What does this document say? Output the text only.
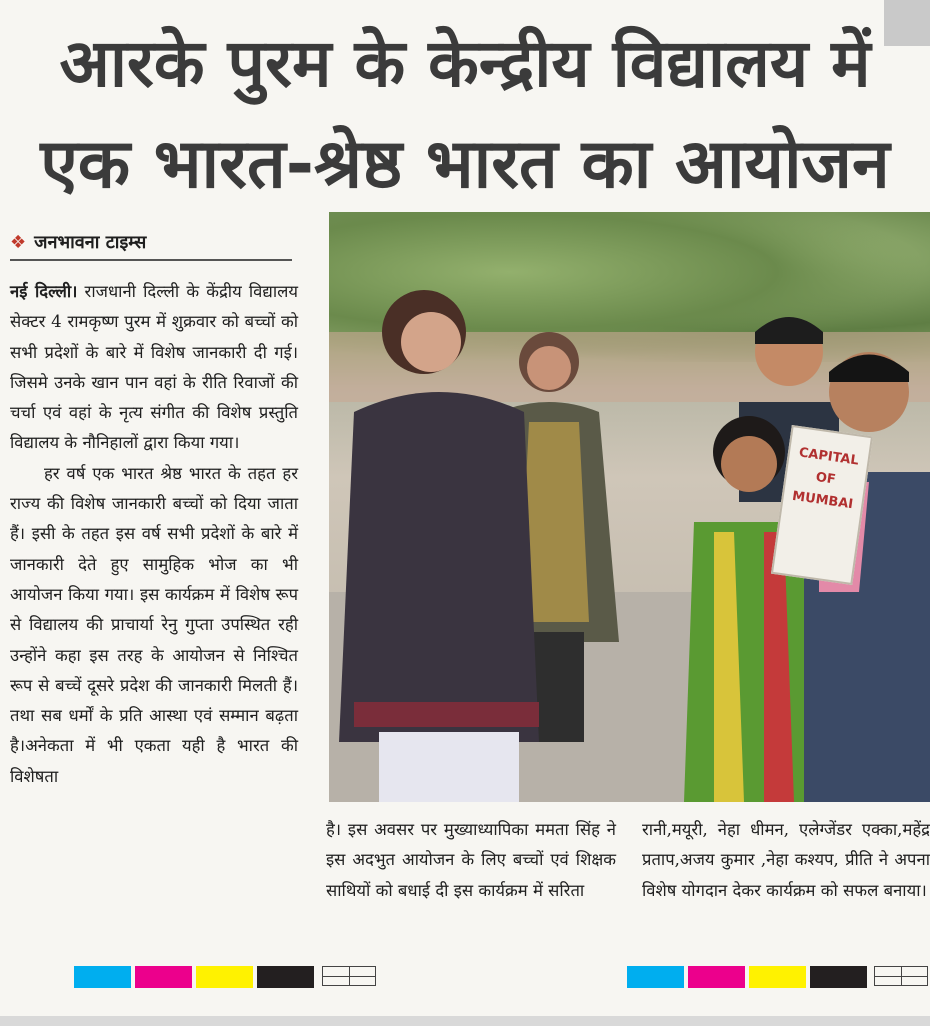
आरके पुरम के केन्द्रीय विद्यालय में
एक भारत-श्रेष्ठ भारत का आयोजन
❖ जनभावना टाइम्स

नई दिल्ली। राजधानी दिल्ली के केंद्रीय विद्यालय सेक्टर 4 रामकृष्ण पुरम में शुक्रवार को बच्चों को सभी प्रदेशों के बारे में विशेष जानकारी दी गई। जिसमे उनके खान पान वहां के रीति रिवाजों की चर्चा एवं वहां के नृत्य संगीत की विशेष प्रस्तुति विद्यालय के नौनिहालों द्वारा किया गया।

हर वर्ष एक भारत श्रेष्ठ भारत के तहत हर राज्य की विशेष जानकारी बच्चों को दिया जाता हैं। इसी के तहत इस वर्ष सभी प्रदेशों के बारे में जानकारी देते हुए सामुहिक भोज का भी आयोजन किया गया। इस कार्यक्रम में विशेष रूप से विद्यालय की प्राचार्या रेनु गुप्ता उपस्थित रही उन्होंने कहा इस तरह के आयोजन से निश्चित रूप से बच्चें दूसरे प्रदेश की जानकारी मिलती हैं। तथा सब धर्मों के प्रति आस्था एवं सम्मान बढ़ता है।अनेकता में भी एकता यही है भारत की विशेषता

CAPITAL
OF
MUMBAI

है। इस अवसर पर मुख्याध्यापिका ममता सिंह ने इस अदभुत आयोजन के लिए बच्चों एवं शिक्षक साथियों को बधाई दी इस कार्यक्रम में सरिता

रानी,मयूरी, नेहा धीमन, एलेग्जेंडर एक्का,महेंद्र प्रताप,अजय कुमार ,नेहा कश्यप, प्रीति ने अपना विशेष योगदान देकर कार्यक्रम को सफल बनाया।
